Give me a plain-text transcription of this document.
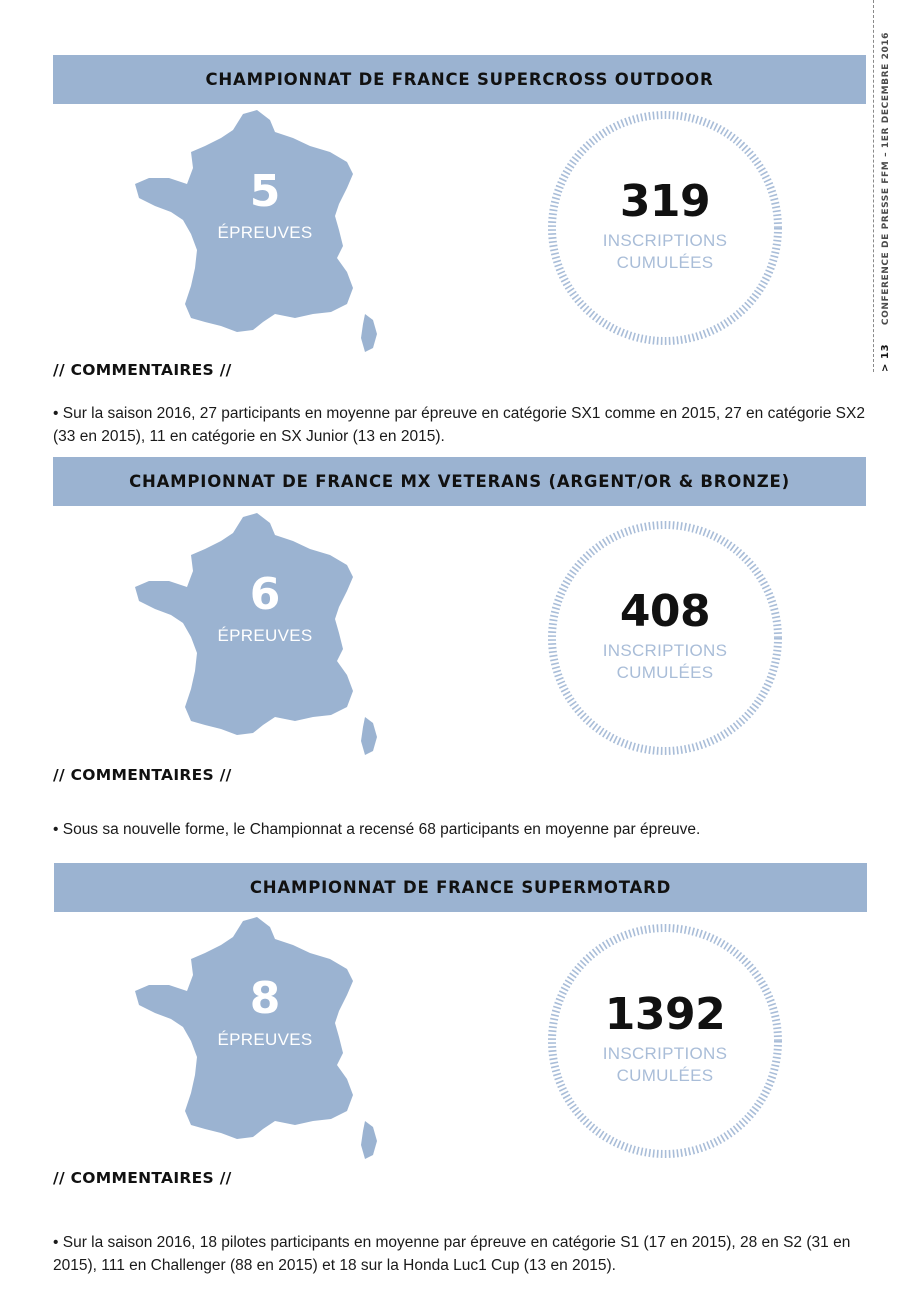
> 13     CONFERENCE DE PRESSE FFM – 1ER DECEMBRE 2016
CHAMPIONNAT DE FRANCE SUPERCROSS OUTDOOR
5
ÉPREUVES
319
INSCRIPTIONS
CUMULÉES
// COMMENTAIRES //
• Sur la saison 2016, 27 participants en moyenne par épreuve en catégorie SX1 comme en 2015, 27 en catégorie SX2 (33 en 2015), 11 en catégorie en SX Junior (13 en 2015).
CHAMPIONNAT DE FRANCE MX VETERANS (ARGENT/OR & BRONZE)
6
ÉPREUVES	408
INSCRIPTIONS
CUMULÉES
// COMMENTAIRES //
• Sous sa nouvelle forme, le Championnat a recensé 68 participants en moyenne par épreuve.
CHAMPIONNAT DE FRANCE SUPERMOTARD
8
ÉPREUVES	1392
INSCRIPTIONS
CUMULÉES
// COMMENTAIRES //
• Sur la saison 2016, 18 pilotes participants en moyenne par épreuve en catégorie S1 (17 en 2015), 28 en S2 (31 en 2015), 111 en Challenger (88 en 2015) et 18 sur la Honda Luc1 Cup (13 en 2015).
